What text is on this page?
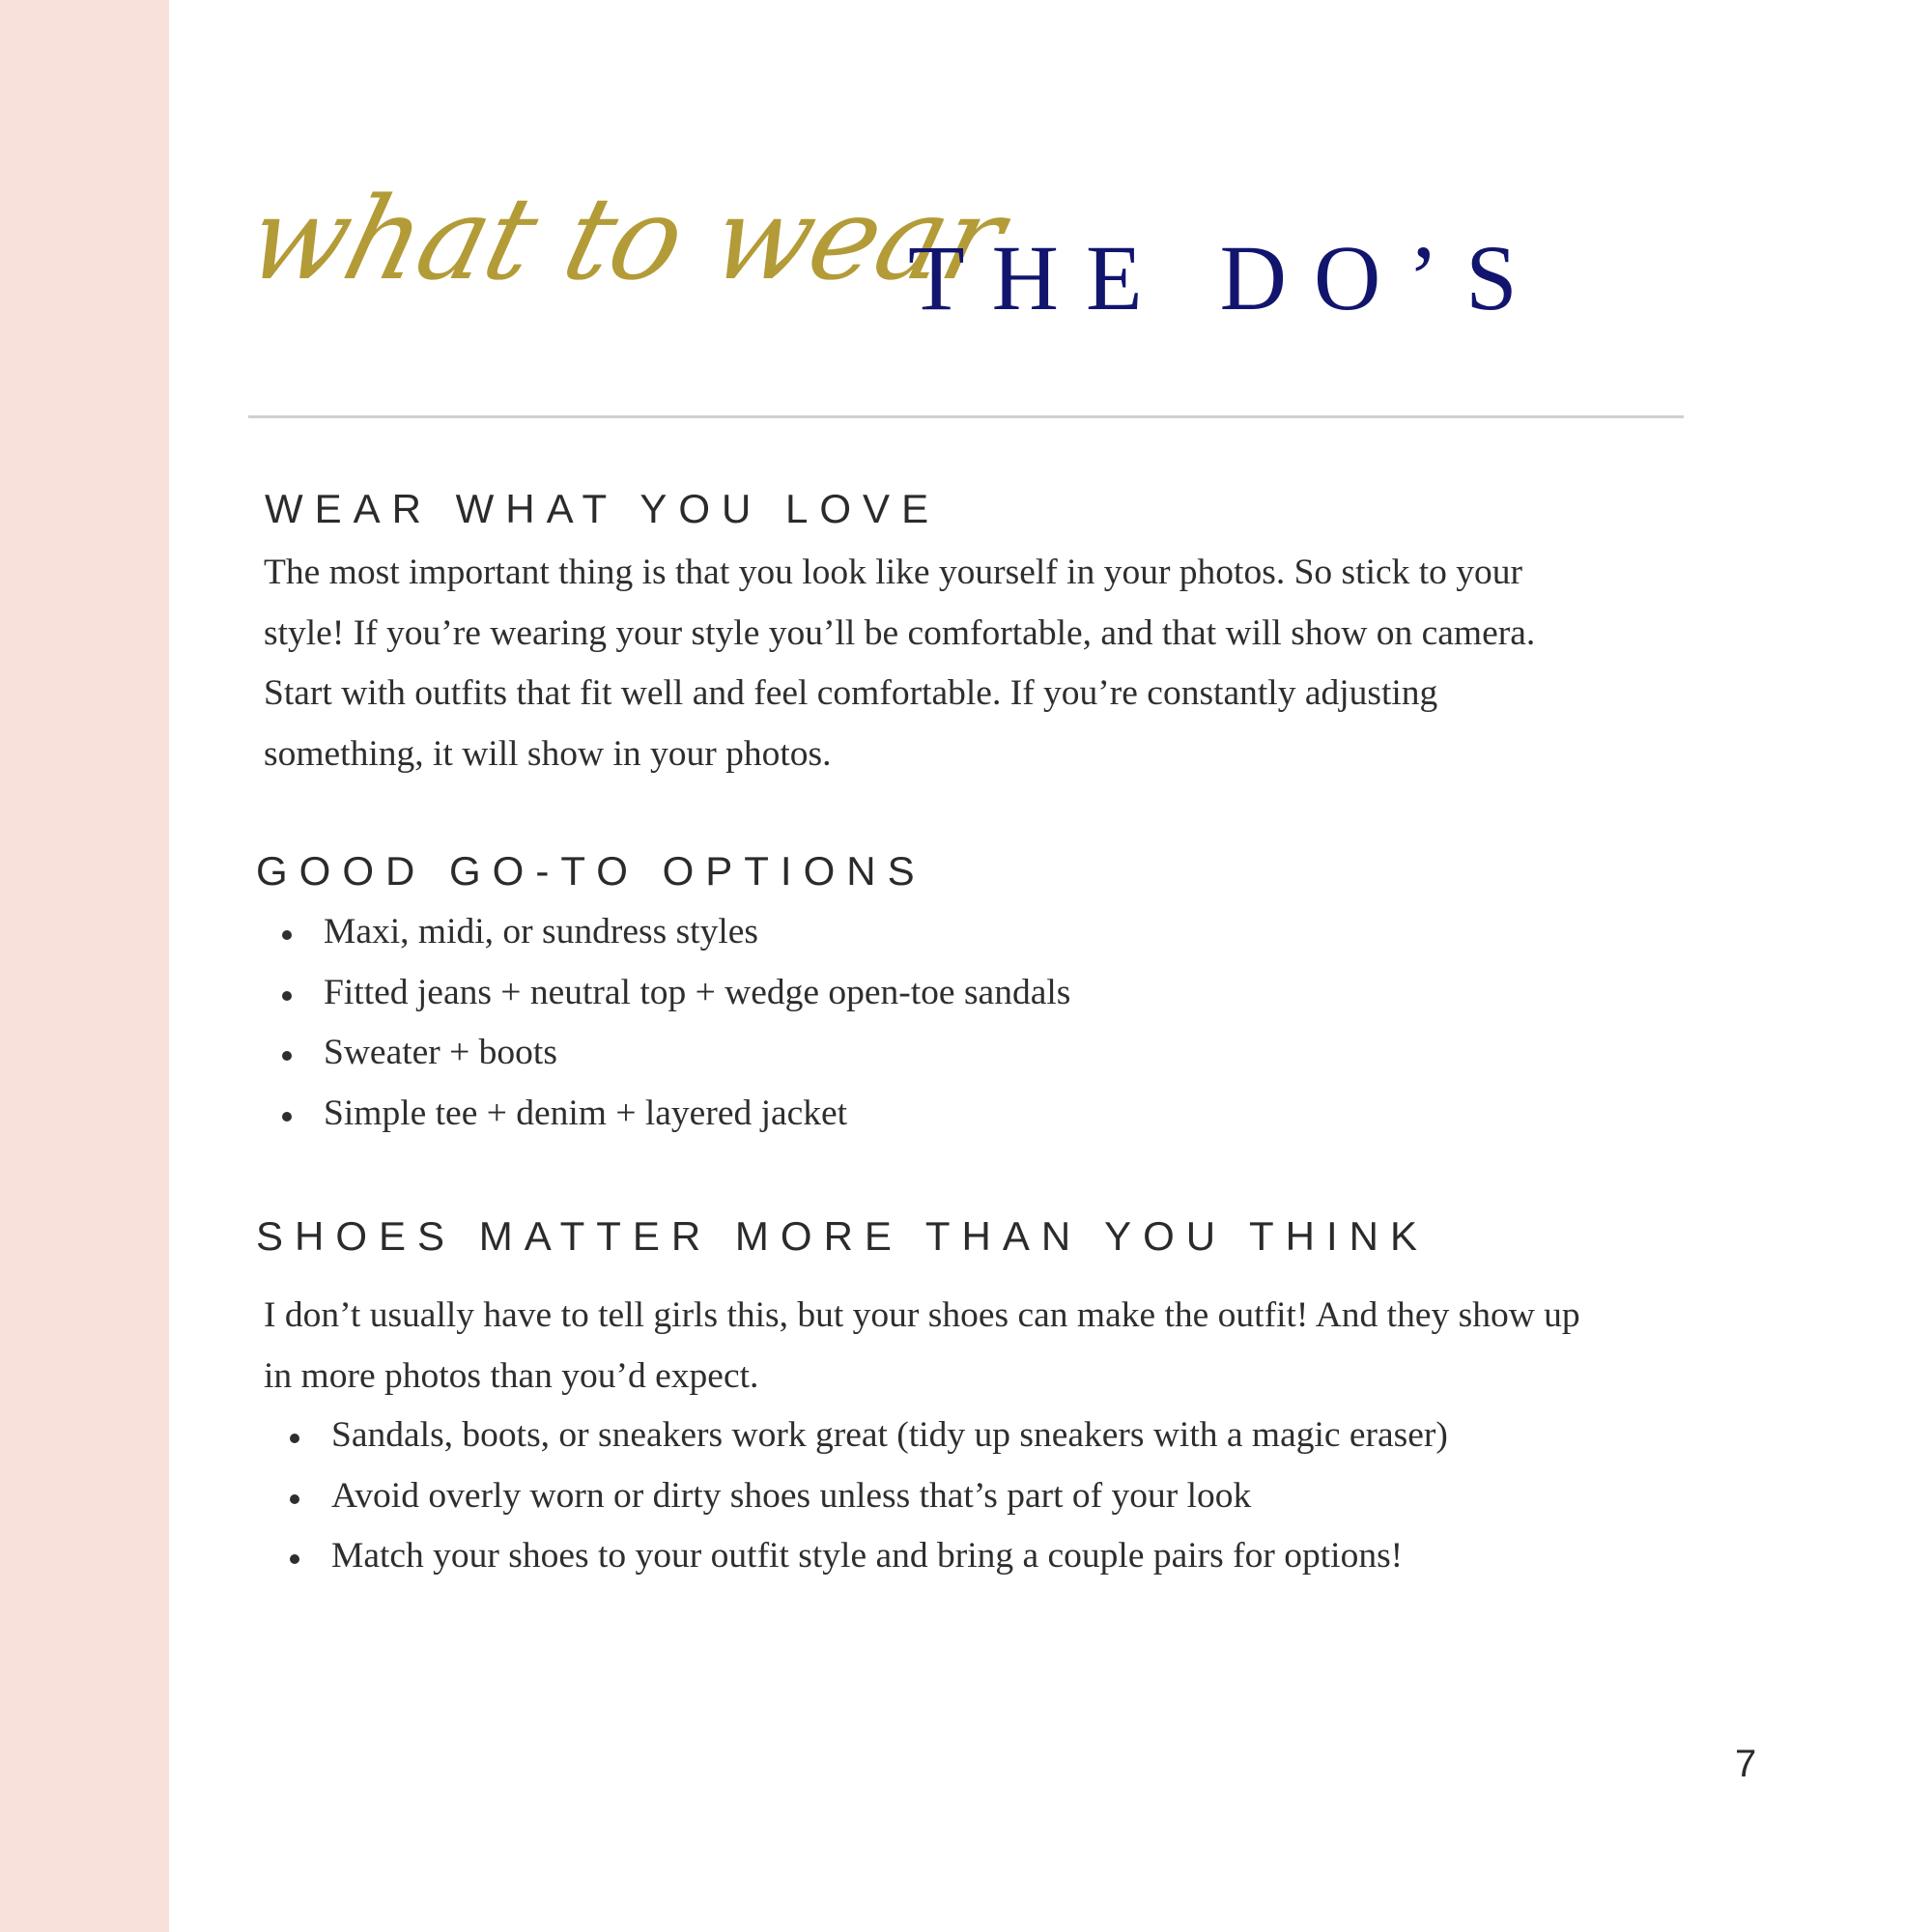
what to wear
THE DO’S
WEAR WHAT YOU LOVE

The most important thing is that you look like yourself in your photos. So stick to your
style! If you’re wearing your style you’ll be comfortable, and that will show on camera.
Start with outfits that fit well and feel comfortable. If you’re constantly adjusting
something, it will show in your photos.

GOOD GO-TO OPTIONS
Maxi, midi, or sundress styles
Fitted jeans + neutral top + wedge open-toe sandals
Sweater + boots
Simple tee + denim + layered jacket
SHOES MATTER MORE THAN YOU THINK

I don’t usually have to tell girls this, but your shoes can make the outfit! And they show up
in more photos than you’d expect.

Sandals, boots, or sneakers work great (tidy up sneakers with a magic eraser)
Avoid overly worn or dirty shoes unless that’s part of your look
Match your shoes to your outfit style and bring a couple pairs for options!
7
